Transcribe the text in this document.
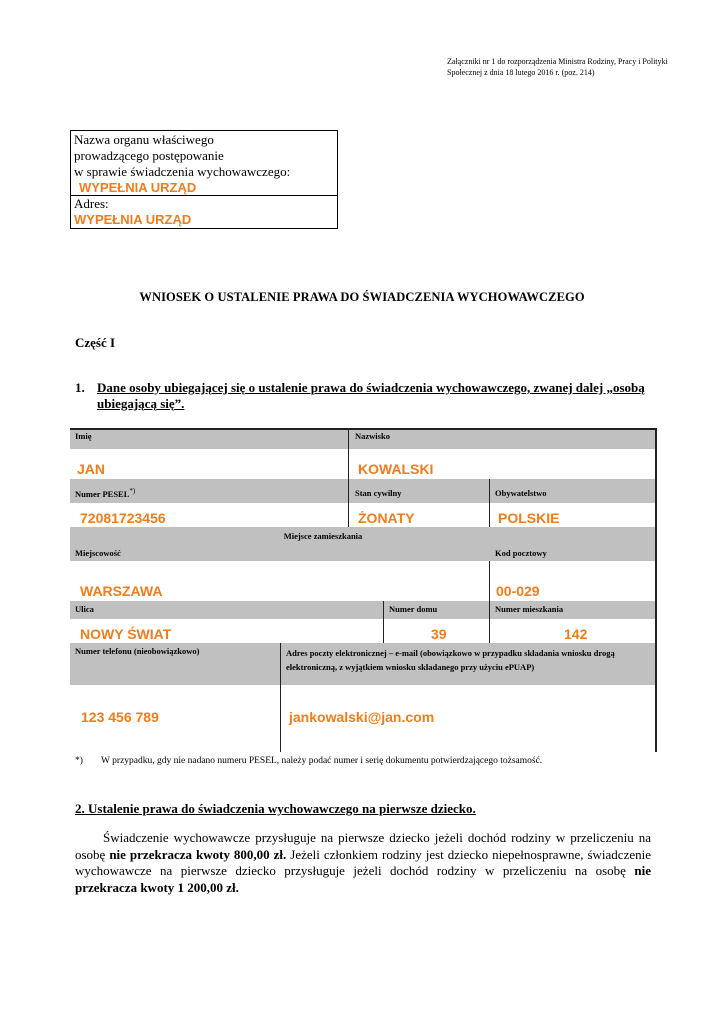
Załączniki nr 1 do rozporządzenia Ministra Rodziny, Pracy i Polityki Społecznej z dnia 18 lutego 2016 r. (poz. 214)
Nazwa organu właściwego
prowadzącego postępowanie
w sprawie świadczenia wychowawczego:
WYPEŁNIA URZĄD
Adres:
WYPEŁNIA URZĄD
WNIOSEK O USTALENIE PRAWA DO ŚWIADCZENIA WYCHOWAWCZEGO
Część I
1. Dane osoby ubiegającej się o ustalenie prawa do świadczenia wychowawczego, zwanej dalej „osobą ubiegającą się”.
Imię	Nazwisko
JAN	KOWALSKI
Numer PESEL*)	Stan cywilny	Obywatelstwo
72081723456	ŻONATY	POLSKIE
Miejsce zamieszkania
Miejscowość	Kod pocztowy
WARSZAWA	00-029
Ulica	Numer domu	Numer mieszkania
NOWY ŚWIAT	39	142
Numer telefonu (nieobowiązkowo)	Adres poczty elektronicznej – e-mail (obowiązkowo w przypadku składania wniosku drogą elektroniczną, z wyjątkiem wniosku składanego przy użyciu ePUAP)
123 456 789	jankowalski@jan.com
*) W przypadku, gdy nie nadano numeru PESEL, należy podać numer i serię dokumentu potwierdzającego tożsamość.
2. Ustalenie prawa do świadczenia wychowawczego na pierwsze dziecko.
Świadczenie wychowawcze przysługuje na pierwsze dziecko jeżeli dochód rodziny w przeliczeniu na osobę nie przekracza kwoty 800,00 zł. Jeżeli członkiem rodziny jest dziecko niepełnosprawne, świadczenie wychowawcze na pierwsze dziecko przysługuje jeżeli dochód rodziny w przeliczeniu na osobę nie przekracza kwoty 1 200,00 zł.
